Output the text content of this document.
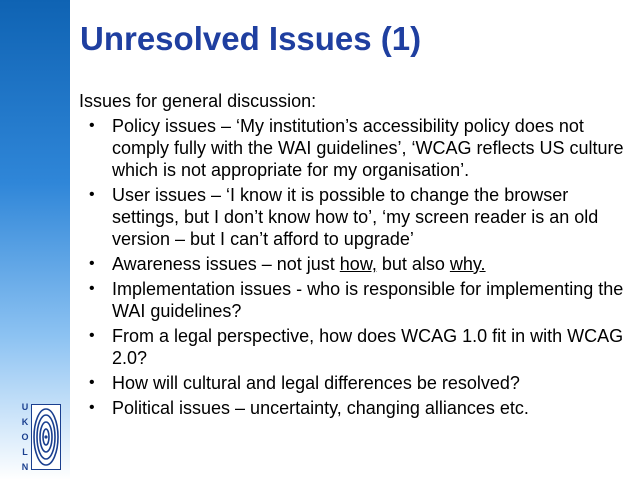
U
K
O
L
N
Unresolved Issues (1)

Issues for general discussion:

• Policy issues – ‘My institution’s accessibility policy does not comply fully with the WAI guidelines’, ‘WCAG reflects US culture which is not appropriate for my organisation’.
• User issues – ‘I know it is possible to change the browser settings, but I don’t know how to’, ‘my screen reader is an old version – but I can’t afford to upgrade’
• Awareness issues – not just how, but also why.
• Implementation issues - who is responsible for implementing the WAI guidelines?
• From a legal perspective, how does WCAG 1.0 fit in with WCAG 2.0?
• How will cultural and legal differences be resolved?
• Political issues – uncertainty, changing alliances etc.
